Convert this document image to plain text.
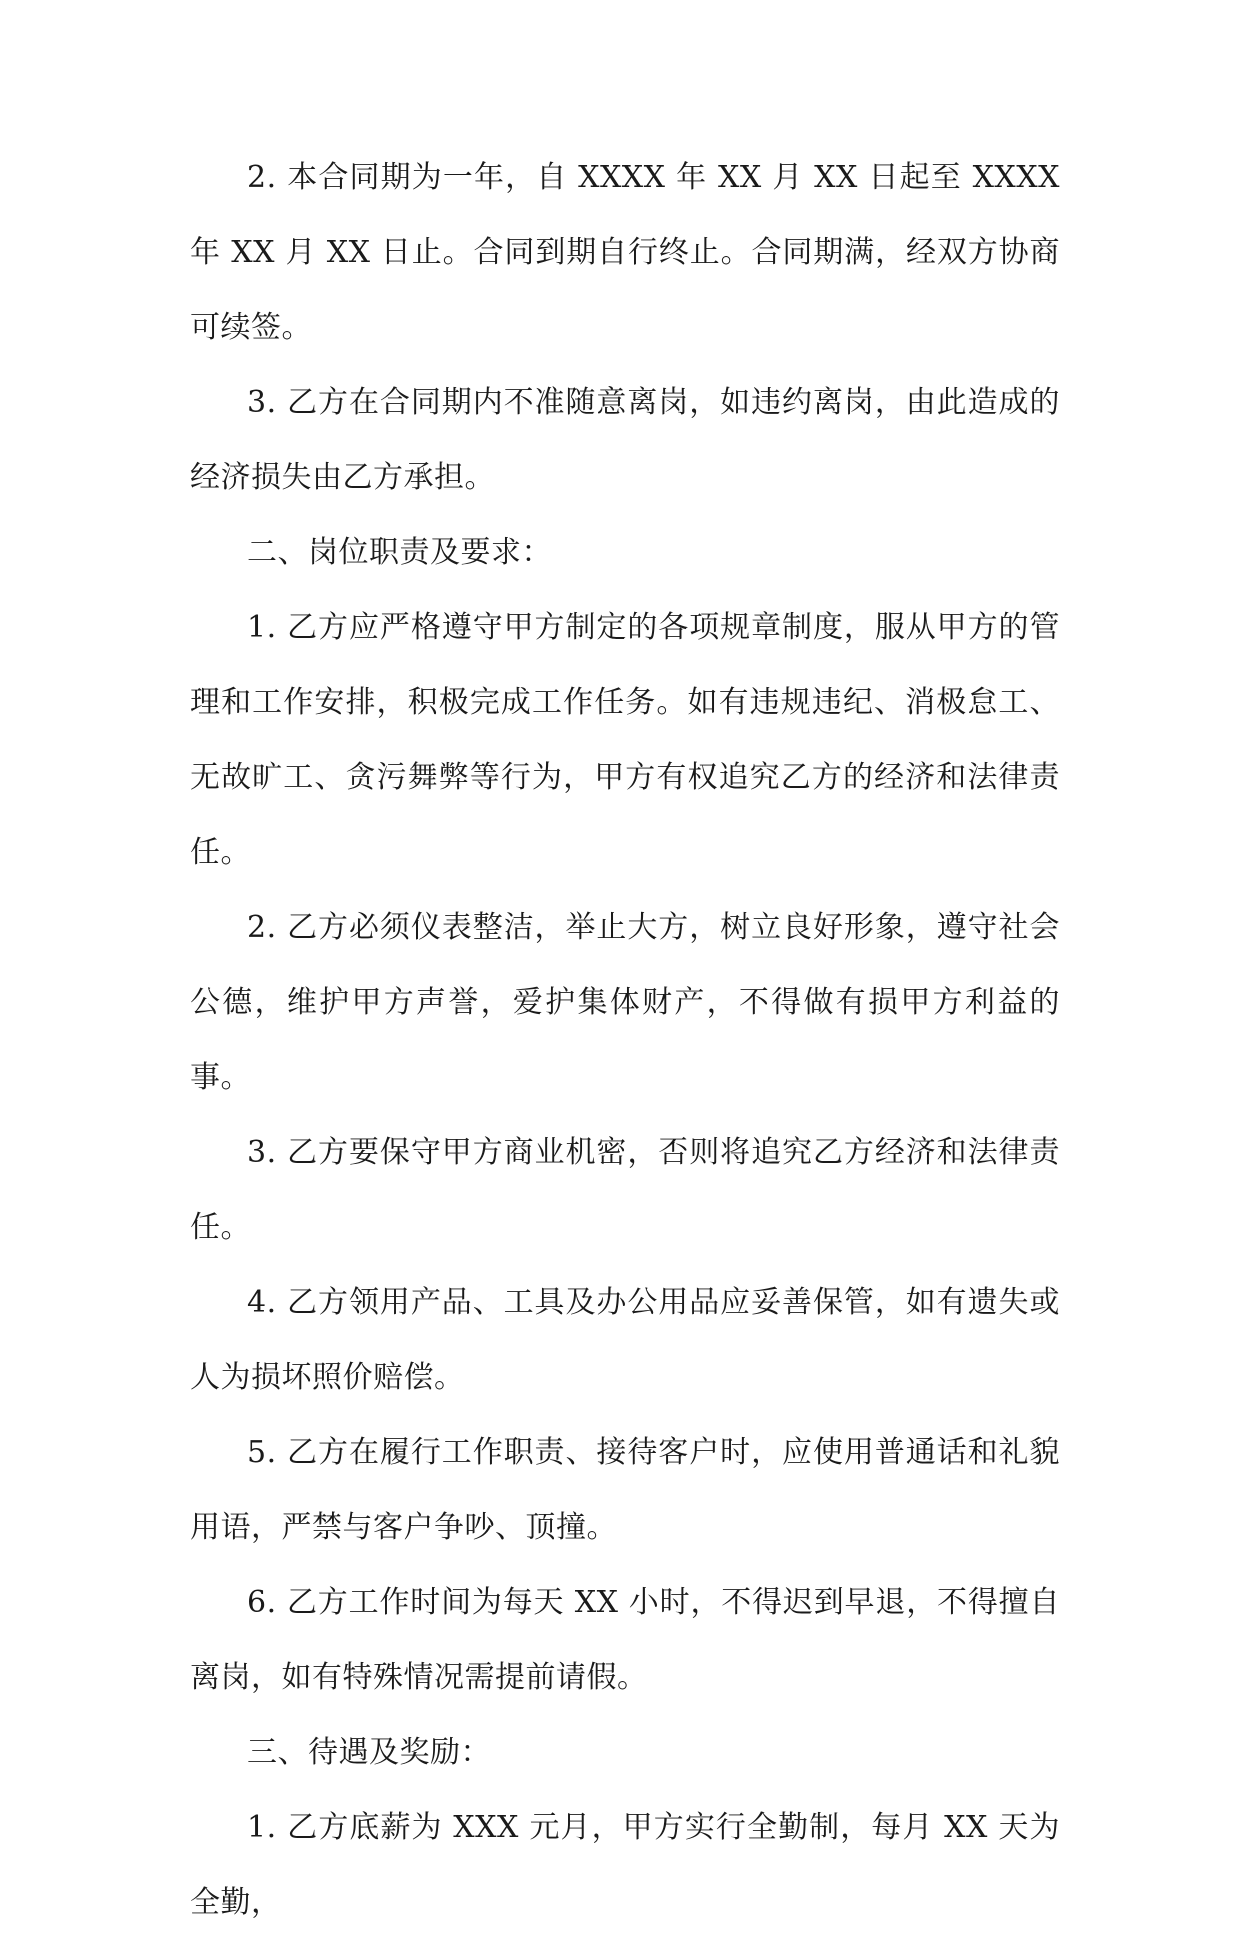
2. 本合同期为一年，自 XXXX 年 XX 月 XX 日起至 XXXX 年 XX 月 XX 日止。合同到期自行终止。合同期满，经双方协商可续签。

3. 乙方在合同期内不准随意离岗，如违约离岗，由此造成的经济损失由乙方承担。

二、岗位职责及要求：

1. 乙方应严格遵守甲方制定的各项规章制度，服从甲方的管理和工作安排，积极完成工作任务。如有违规违纪、消极怠工、无故旷工、贪污舞弊等行为，甲方有权追究乙方的经济和法律责任。

2. 乙方必须仪表整洁，举止大方，树立良好形象，遵守社会公德，维护甲方声誉，爱护集体财产，不得做有损甲方利益的事。

3. 乙方要保守甲方商业机密，否则将追究乙方经济和法律责任。

4. 乙方领用产品、工具及办公用品应妥善保管，如有遗失或人为损坏照价赔偿。

5. 乙方在履行工作职责、接待客户时，应使用普通话和礼貌用语，严禁与客户争吵、顶撞。

6. 乙方工作时间为每天 XX 小时，不得迟到早退，不得擅自离岗，如有特殊情况需提前请假。

三、待遇及奖励：

1. 乙方底薪为 XXX 元月，甲方实行全勤制，每月 XX 天为全勤，
